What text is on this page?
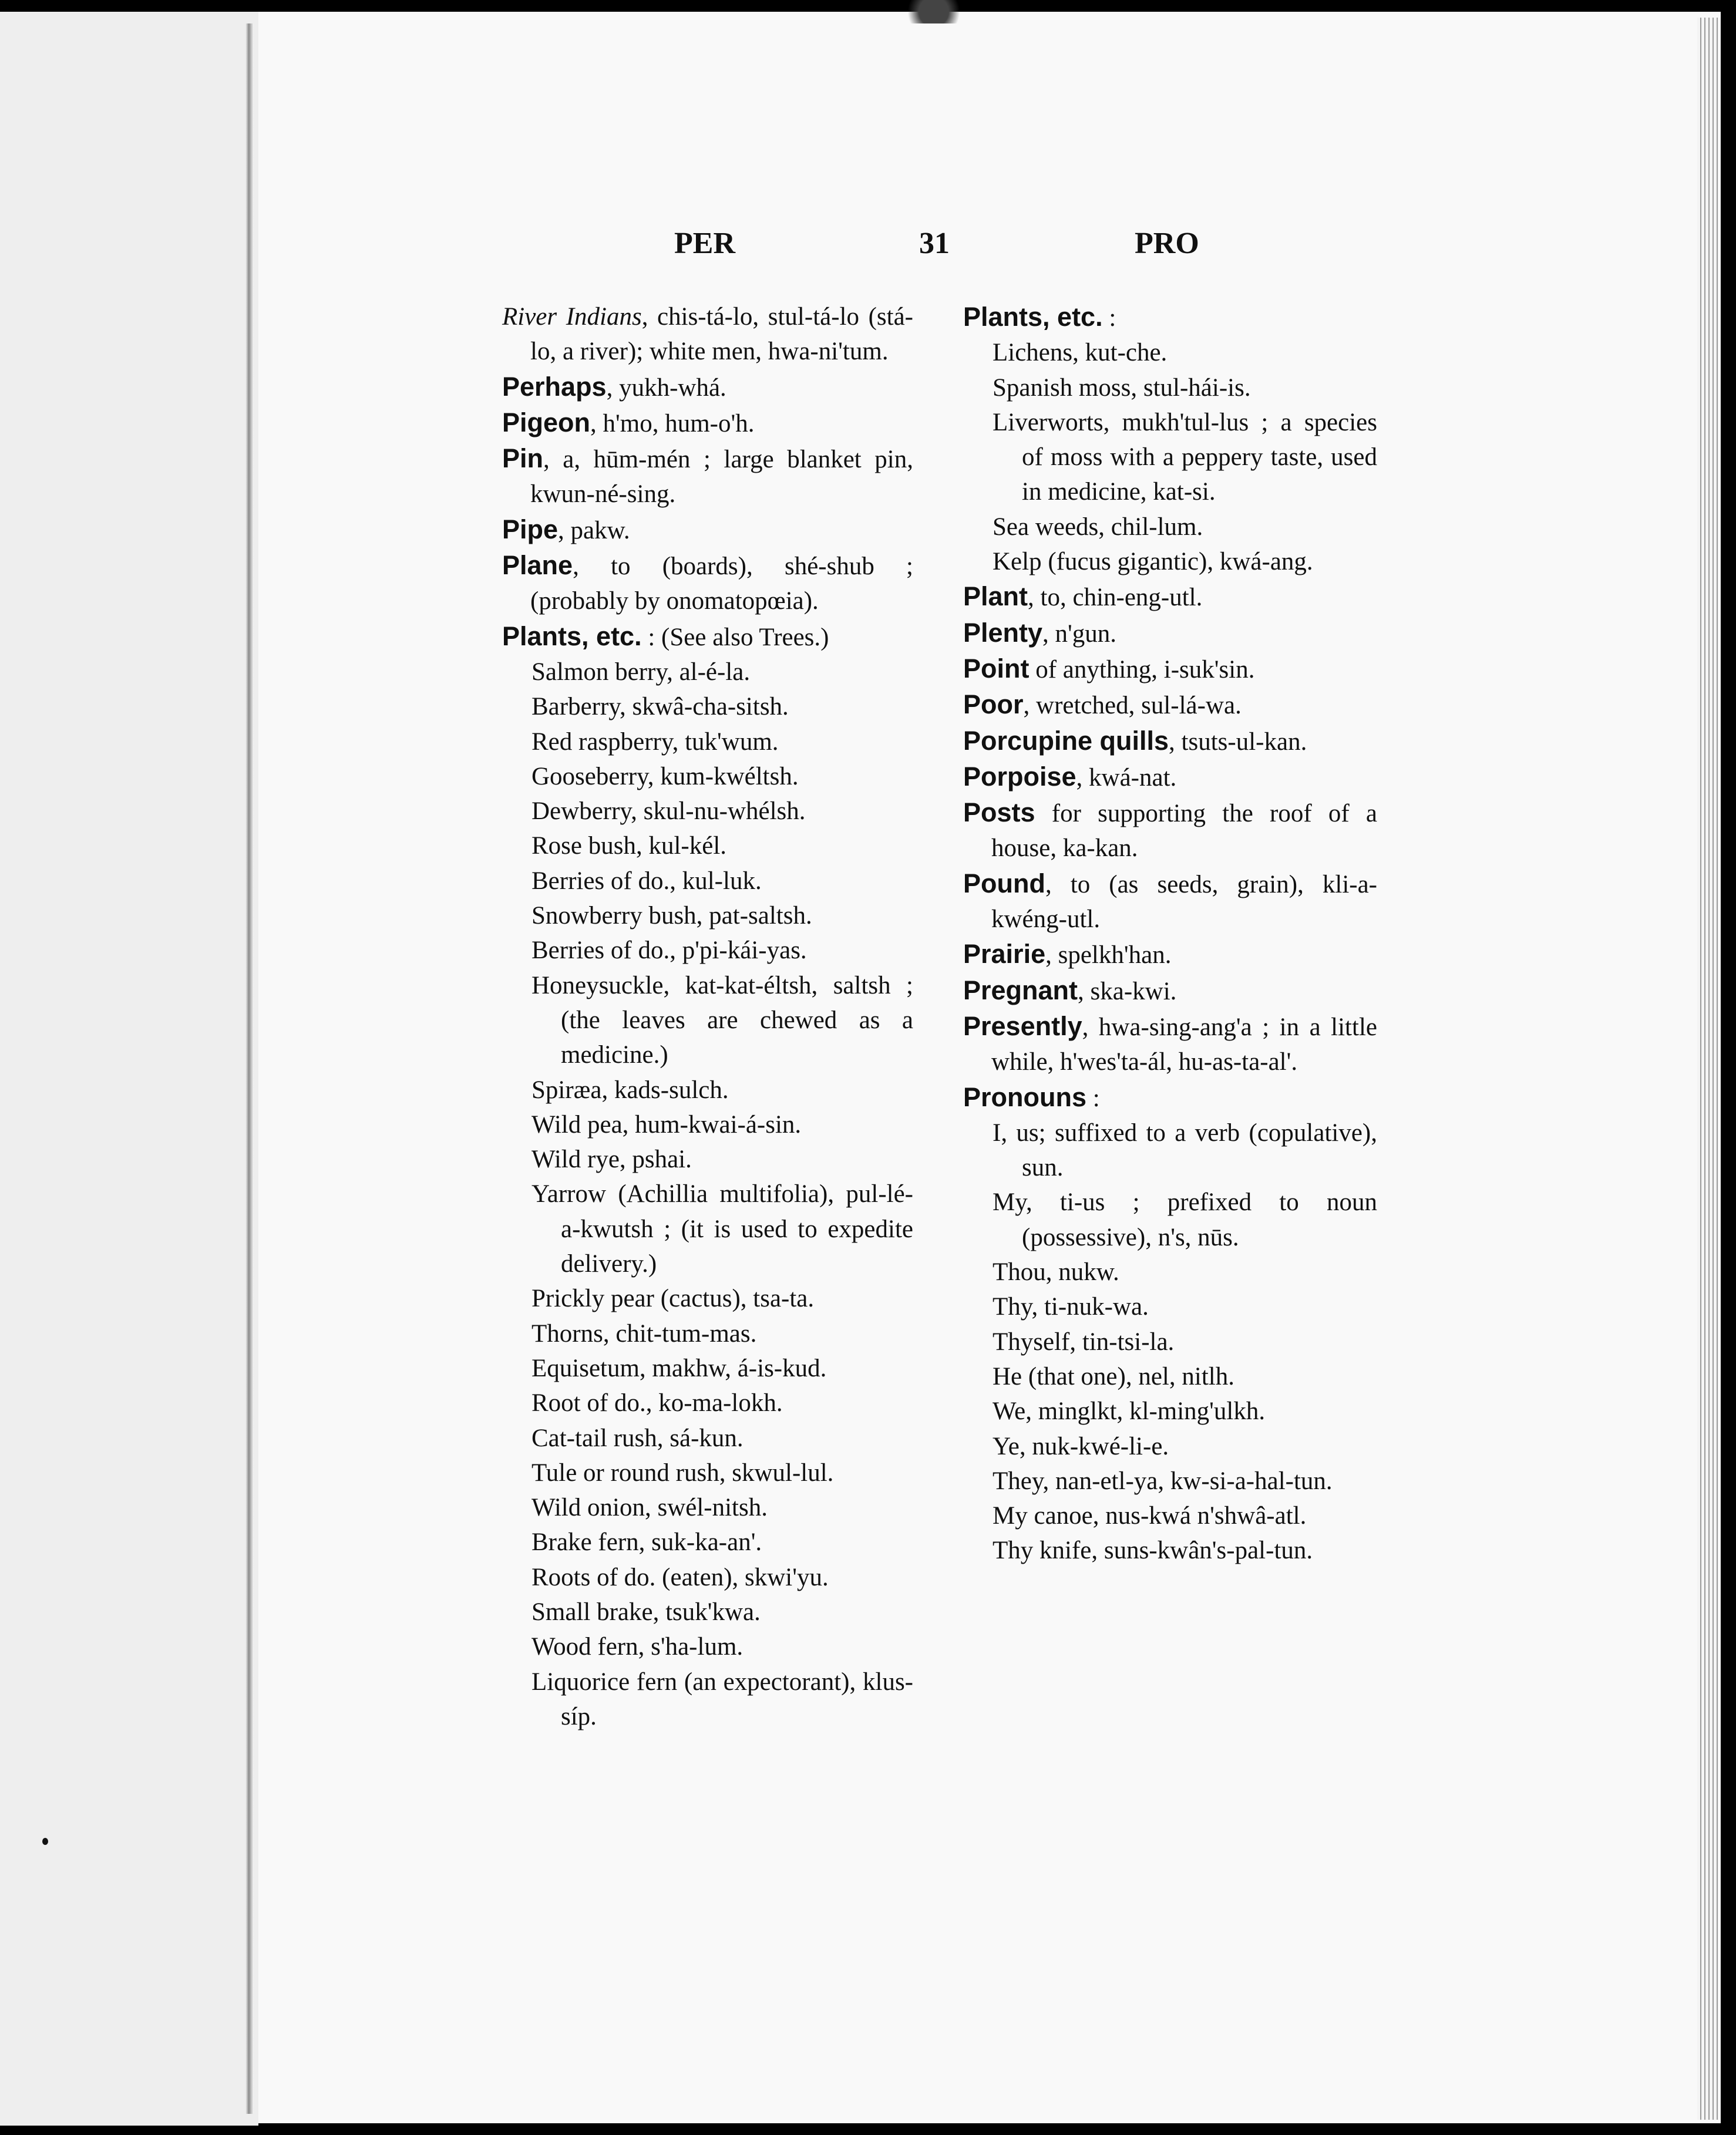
PER	31	PRO
River Indians, chis-tá-lo, stul-tá-lo (stá-lo, a river); white men, hwa-ni'tum.
Perhaps, yukh-whá.
Pigeon, h'mo, hum-o'h.
Pin, a, hūm-mén ; large blanket pin, kwun-né-sing.
Pipe, pakw.
Plane, to (boards), shé-shub ; (probably by onomatopœia).
Plants, etc. : (See also Trees.)
Salmon berry, al-é-la.
Barberry, skwâ-cha-sitsh.
Red raspberry, tuk'wum.
Gooseberry, kum-kwéltsh.
Dewberry, skul-nu-whélsh.
Rose bush, kul-kél.
Berries of do., kul-luk.
Snowberry bush, pat-saltsh.
Berries of do., p'pi-kái-yas.
Honeysuckle, kat-kat-éltsh, saltsh ; (the leaves are chewed as a medicine.)
Spiræa, kads-sulch.
Wild pea, hum-kwai-á-sin.
Wild rye, pshai.
Yarrow (Achillia multifolia), pul-lé-a-kwutsh ; (it is used to expedite delivery.)
Prickly pear (cactus), tsa-ta.
Thorns, chit-tum-mas.
Equisetum, makhw, á-is-kud.
Root of do., ko-ma-lokh.
Cat-tail rush, sá-kun.
Tule or round rush, skwul-lul.
Wild onion, swél-nitsh.
Brake fern, suk-ka-an'.
Roots of do. (eaten), skwi'yu.
Small brake, tsuk'kwa.
Wood fern, s'ha-lum.
Liquorice fern (an expectorant), klus-síp.
Plants, etc. :
Lichens, kut-che.
Spanish moss, stul-hái-is.
Liverworts, mukh'tul-lus ; a species of moss with a peppery taste, used in medicine, kat-si.
Sea weeds, chil-lum.
Kelp (fucus gigantic), kwá-ang.
Plant, to, chin-eng-utl.
Plenty, n'gun.
Point of anything, i-suk'sin.
Poor, wretched, sul-lá-wa.
Porcupine quills, tsuts-ul-kan.
Porpoise, kwá-nat.
Posts for supporting the roof of a house, ka-kan.
Pound, to (as seeds, grain), kli-a-kwéng-utl.
Prairie, spelkh'han.
Pregnant, ska-kwi.
Presently, hwa-sing-ang'a ; in a little while, h'wes'ta-ál, hu-as-ta-al'.
Pronouns :
I, us; suffixed to a verb (copulative), sun.
My, ti-us ; prefixed to noun (possessive), n's, nūs.
Thou, nukw.
Thy, ti-nuk-wa.
Thyself, tin-tsi-la.
He (that one), nel, nitlh.
We, minglkt, kl-ming'ulkh.
Ye, nuk-kwé-li-e.
They, nan-etl-ya, kw-si-a-hal-tun.
My canoe, nus-kwá n'shwâ-atl.
Thy knife, suns-kwân's-pal-tun.
